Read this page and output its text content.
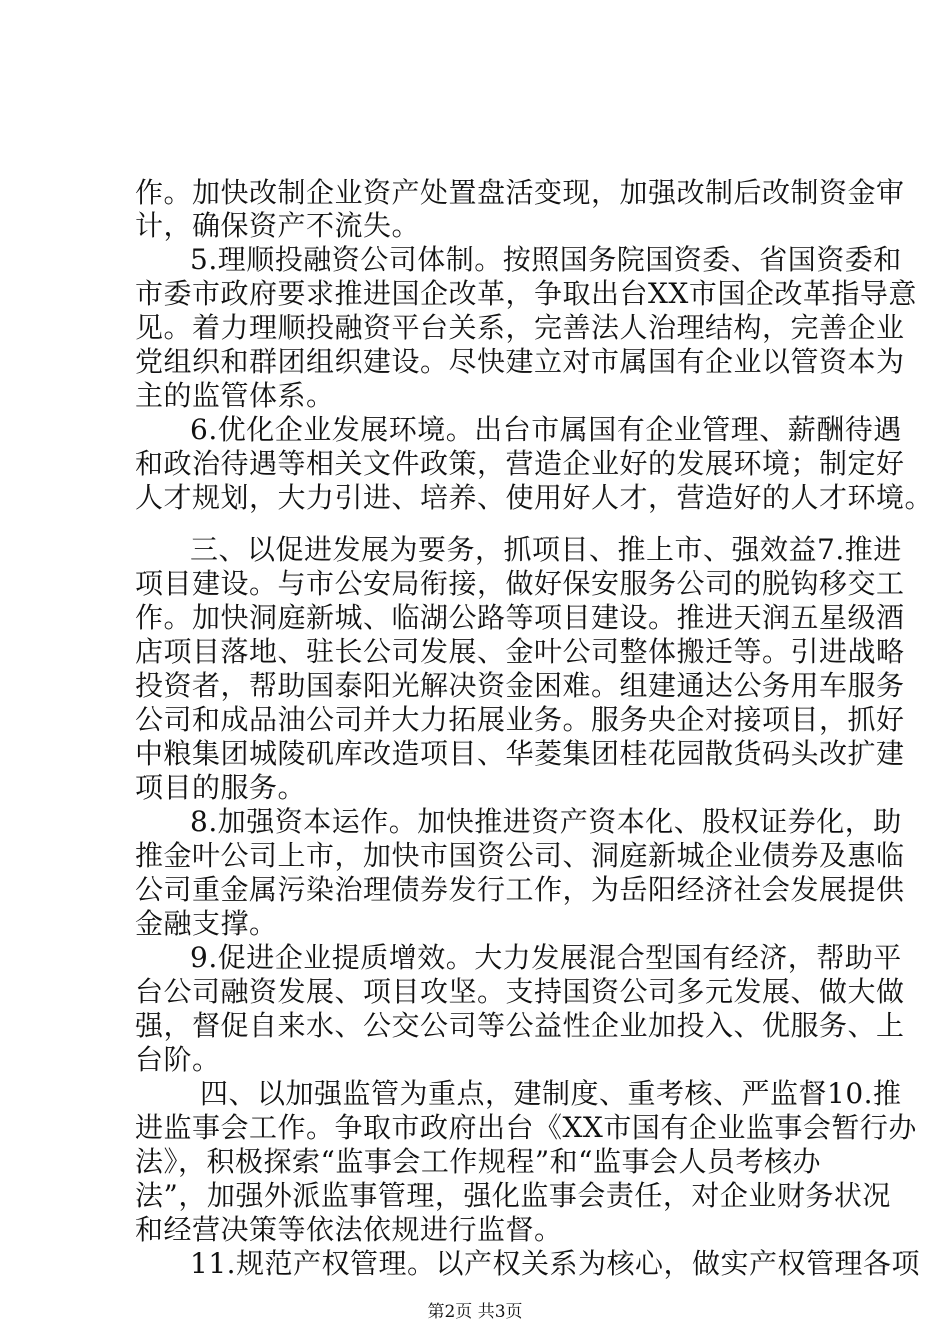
作。加快改制企业资产处置盘活变现，加强改制后改制资金审
计，确保资产不流失。
5.理顺投融资公司体制。按照国务院国资委、省国资委和
市委市政府要求推进国企改革，争取出台XX市国企改革指导意
见。着力理顺投融资平台关系，完善法人治理结构，完善企业
党组织和群团组织建设。尽快建立对市属国有企业以管资本为
主的监管体系。
6.优化企业发展环境。出台市属国有企业管理、薪酬待遇
和政治待遇等相关文件政策，营造企业好的发展环境；制定好
人才规划，大力引进、培养、使用好人才，营造好的人才环境。
三、以促进发展为要务，抓项目、推上市、强效益7.推进
项目建设。与市公安局衔接，做好保安服务公司的脱钩移交工
作。加快洞庭新城、临湖公路等项目建设。推进天润五星级酒
店项目落地、驻长公司发展、金叶公司整体搬迁等。引进战略
投资者，帮助国泰阳光解决资金困难。组建通达公务用车服务
公司和成品油公司并大力拓展业务。服务央企对接项目，抓好
中粮集团城陵矶库改造项目、华菱集团桂花园散货码头改扩建
项目的服务。
8.加强资本运作。加快推进资产资本化、股权证券化，助
推金叶公司上市，加快市国资公司、洞庭新城企业债券及惠临
公司重金属污染治理债券发行工作，为岳阳经济社会发展提供
金融支撑。
9.促进企业提质增效。大力发展混合型国有经济，帮助平
台公司融资发展、项目攻坚。支持国资公司多元发展、做大做
强，督促自来水、公交公司等公益性企业加投入、优服务、上
台阶。
四、以加强监管为重点，建制度、重考核、严监督10.推
进监事会工作。争取市政府出台《XX市国有企业监事会暂行办
法》，积极探索“监事会工作规程”和“监事会人员考核办
法”，加强外派监事管理，强化监事会责任，对企业财务状况
和经营决策等依法依规进行监督。
11.规范产权管理。以产权关系为核心，做实产权管理各项
第2页 共3页
